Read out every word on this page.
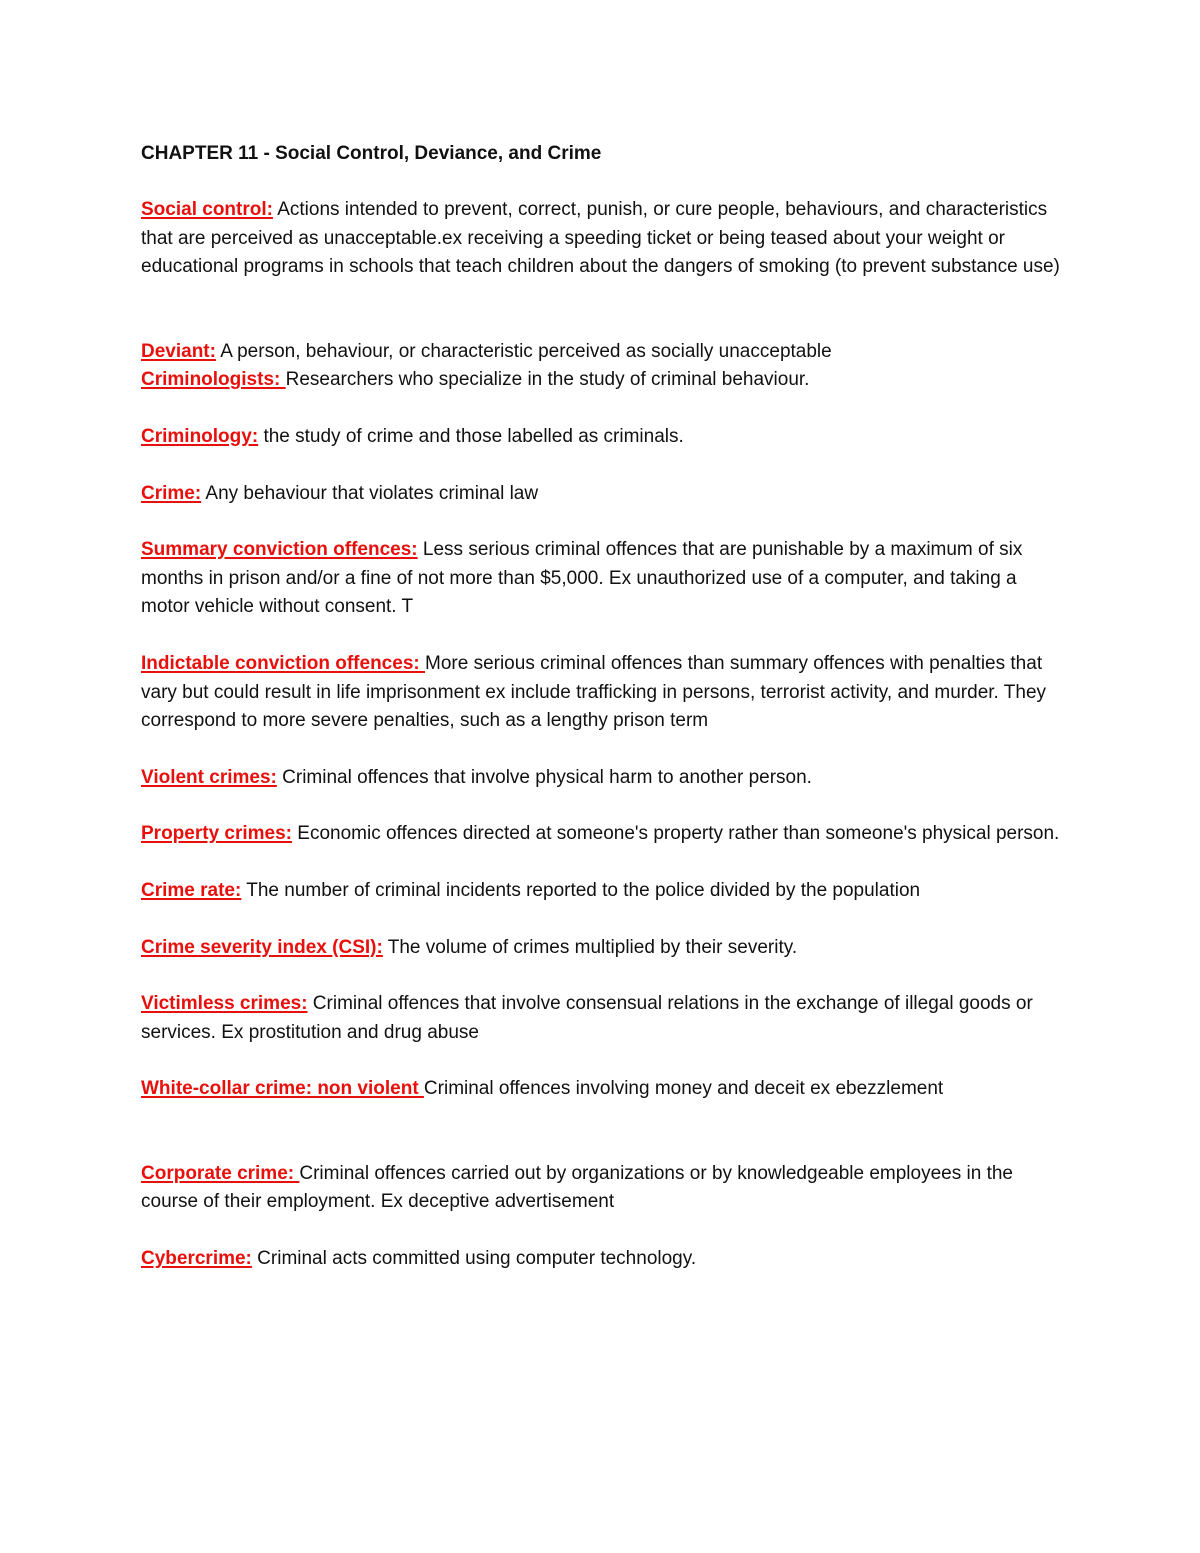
CHAPTER 11 - Social Control, Deviance, and Crime

Social control: Actions intended to prevent, correct, punish, or cure people, behaviours, and characteristics that are perceived as unacceptable.ex receiving a speeding ticket or being teased about your weight or educational programs in schools that teach children about the dangers of smoking (to prevent substance use)

Deviant: A person, behaviour, or characteristic perceived as socially unacceptable

Criminologists: Researchers who specialize in the study of criminal behaviour.

Criminology: the study of crime and those labelled as criminals.

Crime: Any behaviour that violates criminal law

Summary conviction offences: Less serious criminal offences that are punishable by a maximum of six months in prison and/or a fine of not more than $5,000. Ex unauthorized use of a computer, and taking a motor vehicle without consent. T

Indictable conviction offences: More serious criminal offences than summary offences with penalties that vary but could result in life imprisonment ex include trafficking in persons, terrorist activity, and murder. They correspond to more severe penalties, such as a lengthy prison term

Violent crimes: Criminal offences that involve physical harm to another person.

Property crimes: Economic offences directed at someone's property rather than someone's physical person.

Crime rate: The number of criminal incidents reported to the police divided by the population

Crime severity index (CSI): The volume of crimes multiplied by their severity.

Victimless crimes: Criminal offences that involve consensual relations in the exchange of illegal goods or services. Ex prostitution and drug abuse

White-collar crime: non violent Criminal offences involving money and deceit ex ebezzlement

Corporate crime: Criminal offences carried out by organizations or by knowledgeable employees in the course of their employment. Ex deceptive advertisement

Cybercrime: Criminal acts committed using computer technology.
